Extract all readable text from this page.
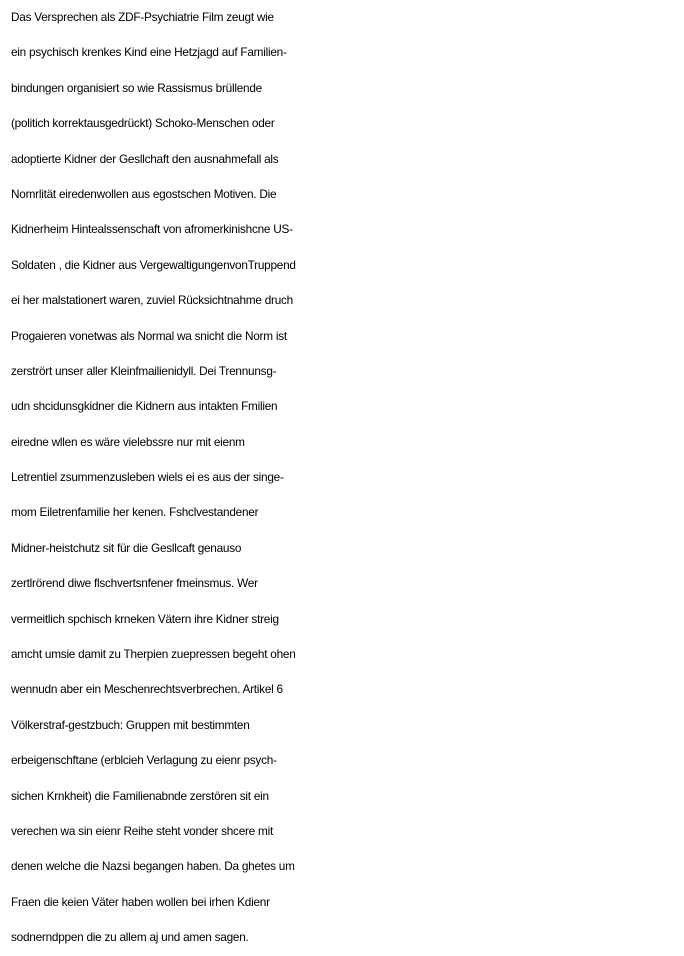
Das Versprechen als ZDF-Psychiatrie Film zeugt wie
ein psychisch krenkes Kind eine Hetzjagd auf Familien-
bindungen organisiert so wie Rassismus brüllende
(politich korrektausgedrückt) Schoko-Menschen oder
adoptierte Kidner der Gesllchaft den ausnahmefall als
Nomrlität eiredenwollen aus egostschen Motiven. Die
Kidnerheim Hintealssenschaft von afromerkinishcne US-
Soldaten , die Kidner aus VergewaltigungenvonTruppend
ei her malstationert waren, zuviel Rücksichtnahme druch
Progaieren vonetwas als Normal wa snicht die Norm ist
zerstrört unser aller Kleinfmailienidyll. Dei Trennunsg-
udn shcidunsgkidner die Kidnern aus intakten Fmilien
eiredne wllen es wäre vielebssre nur mit eienm
Letrentiel zsummenzusleben wiels ei es aus der singe-
mom Eiletrenfamilie her kenen. Fshclvestandener
Midner-heistchutz sit für die Gesllcaft genauso
zertlrörend diwe flschvertsnfener fmeinsmus. Wer
vermeitlich spchisch krneken Vätern ihre Kidner streig
amcht umsie damit zu Therpien zuepressen begeht ohen
wennudn aber ein Meschenrechtsverbrechen. Artikel 6
Völkerstraf-gestzbuch: Gruppen mit bestimmten
erbeigenschftane (erblcieh Verlagung zu eienr psych-
sichen Krnkheit) die Familienabnde zerstören sit ein
verechen wa sin eienr Reihe steht vonder shcere mit
denen welche die Nazsi begangen haben. Da ghetes um
Fraen die keien Väter haben wollen bei irhen Kdienr
sodnerndppen die zu allem aj und amen sagen.
